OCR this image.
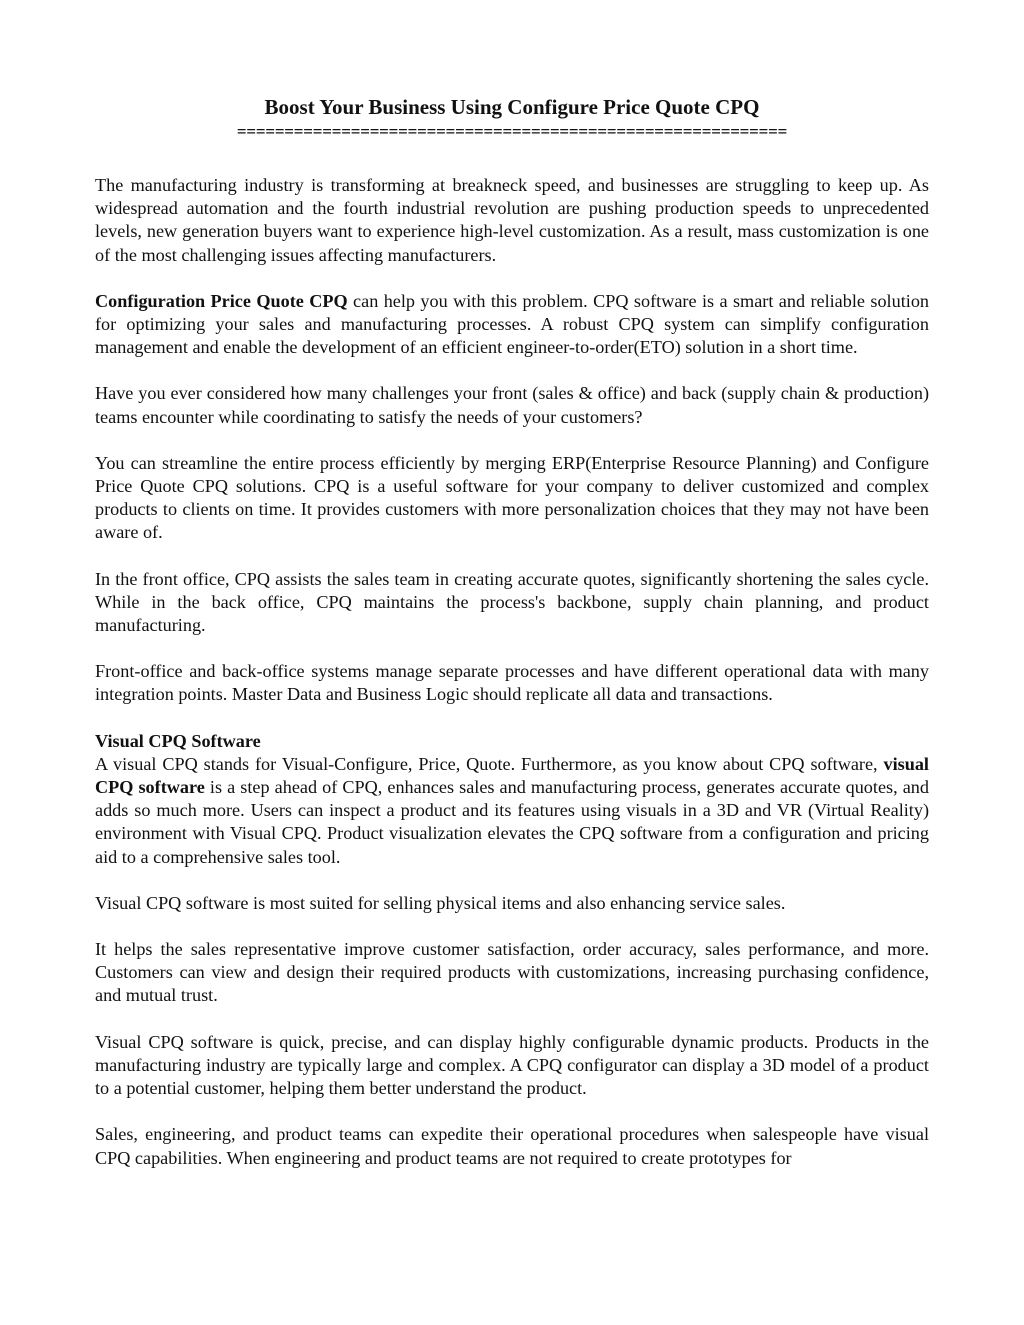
Boost Your Business Using Configure Price Quote CPQ
==========================================================

The manufacturing industry is transforming at breakneck speed, and businesses are struggling to keep up. As widespread automation and the fourth industrial revolution are pushing production speeds to unprecedented levels, new generation buyers want to experience high-level customization. As a result, mass customization is one of the most challenging issues affecting manufacturers.

Configuration Price Quote CPQ can help you with this problem. CPQ software is a smart and reliable solution for optimizing your sales and manufacturing processes. A robust CPQ system can simplify configuration management and enable the development of an efficient engineer-to-order(ETO) solution in a short time.

Have you ever considered how many challenges your front (sales & office) and back (supply chain & production) teams encounter while coordinating to satisfy the needs of your customers?

You can streamline the entire process efficiently by merging ERP(Enterprise Resource Planning) and Configure Price Quote CPQ solutions. CPQ is a useful software for your company to deliver customized and complex products to clients on time. It provides customers with more personalization choices that they may not have been aware of.

In the front office, CPQ assists the sales team in creating accurate quotes, significantly shortening the sales cycle. While in the back office, CPQ maintains the process's backbone, supply chain planning, and product manufacturing.

Front-office and back-office systems manage separate processes and have different operational data with many integration points. Master Data and Business Logic should replicate all data and transactions.

Visual CPQ Software

A visual CPQ stands for Visual-Configure, Price, Quote. Furthermore, as you know about CPQ software, visual CPQ software is a step ahead of CPQ, enhances sales and manufacturing process, generates accurate quotes, and adds so much more. Users can inspect a product and its features using visuals in a 3D and VR (Virtual Reality) environment with Visual CPQ. Product visualization elevates the CPQ software from a configuration and pricing aid to a comprehensive sales tool.

Visual CPQ software is most suited for selling physical items and also enhancing service sales.

It helps the sales representative improve customer satisfaction, order accuracy, sales performance, and more. Customers can view and design their required products with customizations, increasing purchasing confidence, and mutual trust.

Visual CPQ software is quick, precise, and can display highly configurable dynamic products. Products in the manufacturing industry are typically large and complex. A CPQ configurator can display a 3D model of a product to a potential customer, helping them better understand the product.

Sales, engineering, and product teams can expedite their operational procedures when salespeople have visual CPQ capabilities. When engineering and product teams are not required to create prototypes for
